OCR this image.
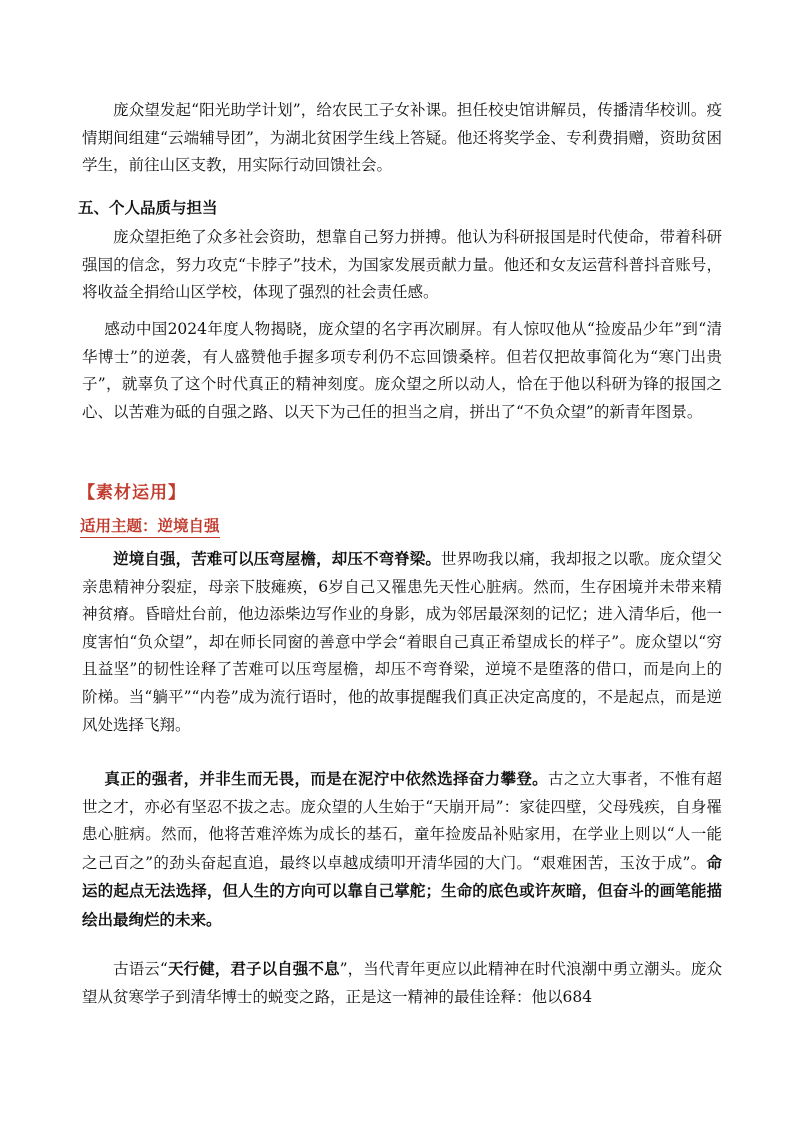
庞众望发起“阳光助学计划”，给农民工子女补课。担任校史馆讲解员，传播清华校训。疫情期间组建“云端辅导团”，为湖北贫困学生线上答疑。他还将奖学金、专利费捐赠，资助贫困学生，前往山区支教，用实际行动回馈社会。

五、个人品质与担当

庞众望拒绝了众多社会资助，想靠自己努力拼搏。他认为科研报国是时代使命，带着科研强国的信念，努力攻克“卡脖子”技术，为国家发展贡献力量。他还和女友运营科普抖音账号，将收益全捐给山区学校，体现了强烈的社会责任感。

感动中国2024年度人物揭晓，庞众望的名字再次刷屏。有人惊叹他从“捡废品少年”到“清华博士”的逆袭，有人盛赞他手握多项专利仍不忘回馈桑梓。但若仅把故事简化为“寒门出贵子”，就辜负了这个时代真正的精神刻度。庞众望之所以动人，恰在于他以科研为锋的报国之心、以苦难为砥的自强之路、以天下为己任的担当之肩，拼出了“不负众望”的新青年图景。

【素材运用】

适用主题：逆境自强

逆境自强，苦难可以压弯屋檐，却压不弯脊梁。世界吻我以痛，我却报之以歌。庞众望父亲患精神分裂症，母亲下肢瘫痪，6岁自己又罹患先天性心脏病。然而，生存困境并未带来精神贫瘠。昏暗灶台前，他边添柴边写作业的身影，成为邻居最深刻的记忆；进入清华后，他一度害怕“负众望”，却在师长同窗的善意中学会“着眼自己真正希望成长的样子”。庞众望以“穷且益坚”的韧性诠释了苦难可以压弯屋檐，却压不弯脊梁，逆境不是堕落的借口，而是向上的阶梯。当“躺平”“内卷”成为流行语时，他的故事提醒我们真正决定高度的，不是起点，而是逆风处选择飞翔。

真正的强者，并非生而无畏，而是在泥泞中依然选择奋力攀登。古之立大事者，不惟有超世之才，亦必有坚忍不拔之志。庞众望的人生始于“天崩开局”：家徒四壁，父母残疾，自身罹患心脏病。然而，他将苦难淬炼为成长的基石，童年捡废品补贴家用，在学业上则以“人一能之己百之”的劲头奋起直追，最终以卓越成绩叩开清华园的大门。“艰难困苦，玉汝于成”。命运的起点无法选择，但人生的方向可以靠自己掌舵；生命的底色或许灰暗，但奋斗的画笔能描绘出最绚烂的未来。

古语云“天行健，君子以自强不息”，当代青年更应以此精神在时代浪潮中勇立潮头。庞众望从贫寒学子到清华博士的蜕变之路，正是这一精神的最佳诠释：他以684
